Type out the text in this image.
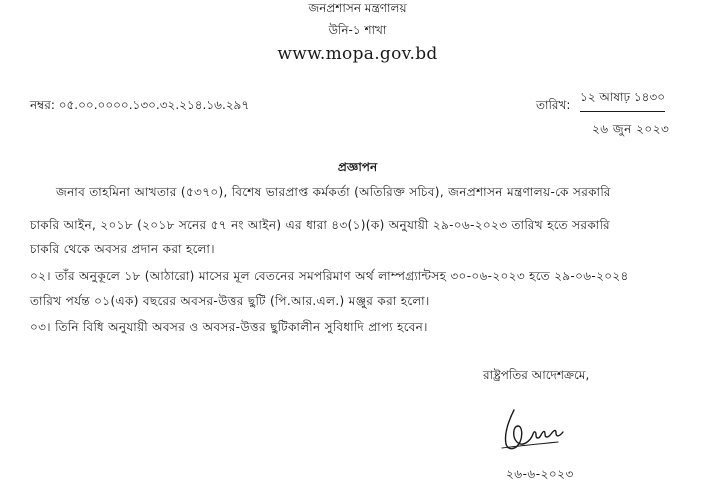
জনপ্রশাসন মন্ত্রণালয়
উনি-১ শাখা
www.mopa.gov.bd
নম্বর: ০৫.০০.০০০০.১৩০.৩২.২১৪.১৬.২৯৭	তারিখ:
১২ আষাঢ় ১৪৩০
২৬ জুন ২০২৩
প্রজ্ঞাপন
জনাব তাহমিনা আখতার (৫৩৭০), বিশেষ ভারপ্রাপ্ত কর্মকর্তা (অতিরিক্ত সচিব), জনপ্রশাসন মন্ত্রণালয়-কে সরকারি
চাকরি আইন, ২০১৮ (২০১৮ সনের ৫৭ নং আইন) এর ধারা ৪৩(১)(ক) অনুযায়ী ২৯-০৬-২০২৩ তারিখ হতে সরকারি
চাকরি থেকে অবসর প্রদান করা হলো।
০২। তাঁর অনুকূলে ১৮ (আঠারো) মাসের মূল বেতনের সমপরিমাণ অর্থ লাম্পগ্র্যান্টসহ ৩০-০৬-২০২৩ হতে ২৯-০৬-২০২৪
তারিখ পর্যন্ত ০১(এক) বছরের অবসর-উত্তর ছুটি (পি.আর.এল.) মঞ্জুর করা হলো।
০৩। তিনি বিধি অনুযায়ী অবসর ও অবসর-উত্তর ছুটিকালীন সুবিধাদি প্রাপ্য হবেন।
রাষ্ট্রপতির আদেশক্রমে,
২৬-৬-২০২৩
